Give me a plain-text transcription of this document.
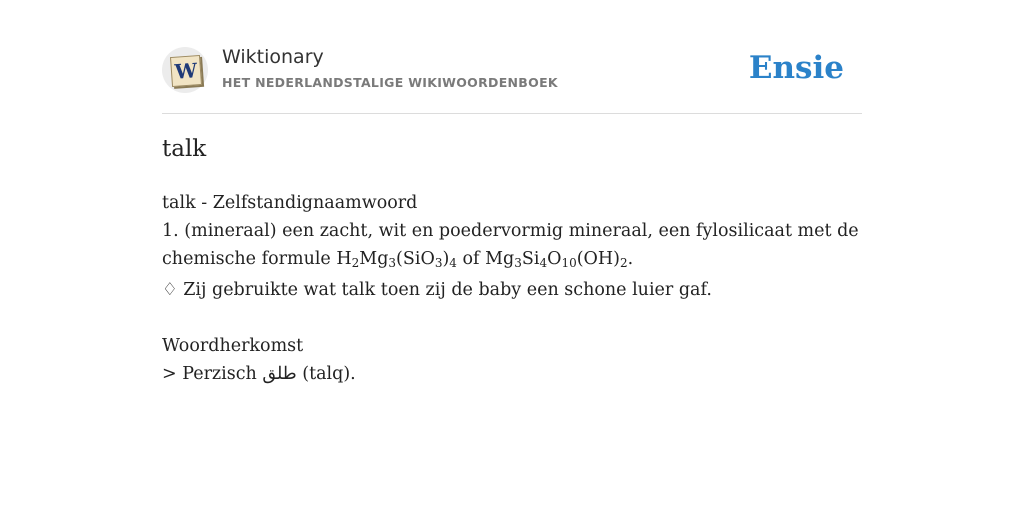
W
Wiktionary
HET NEDERLANDSTALIGE WIKIWOORDENBOEK	Ensie
talk

talk - Zelfstandignaamwoord

1. (mineraal) een zacht, wit en poedervormig mineraal, een fylosilicaat met de chemische formule $H_2Mg_3(SiO_3)_4$ of $Mg_3Si_4O_{10}(OH)_2$.

♢ Zij gebruikte wat talk toen zij de baby een schone luier gaf.

Woordherkomst

> Perzisch طلق (talq).
